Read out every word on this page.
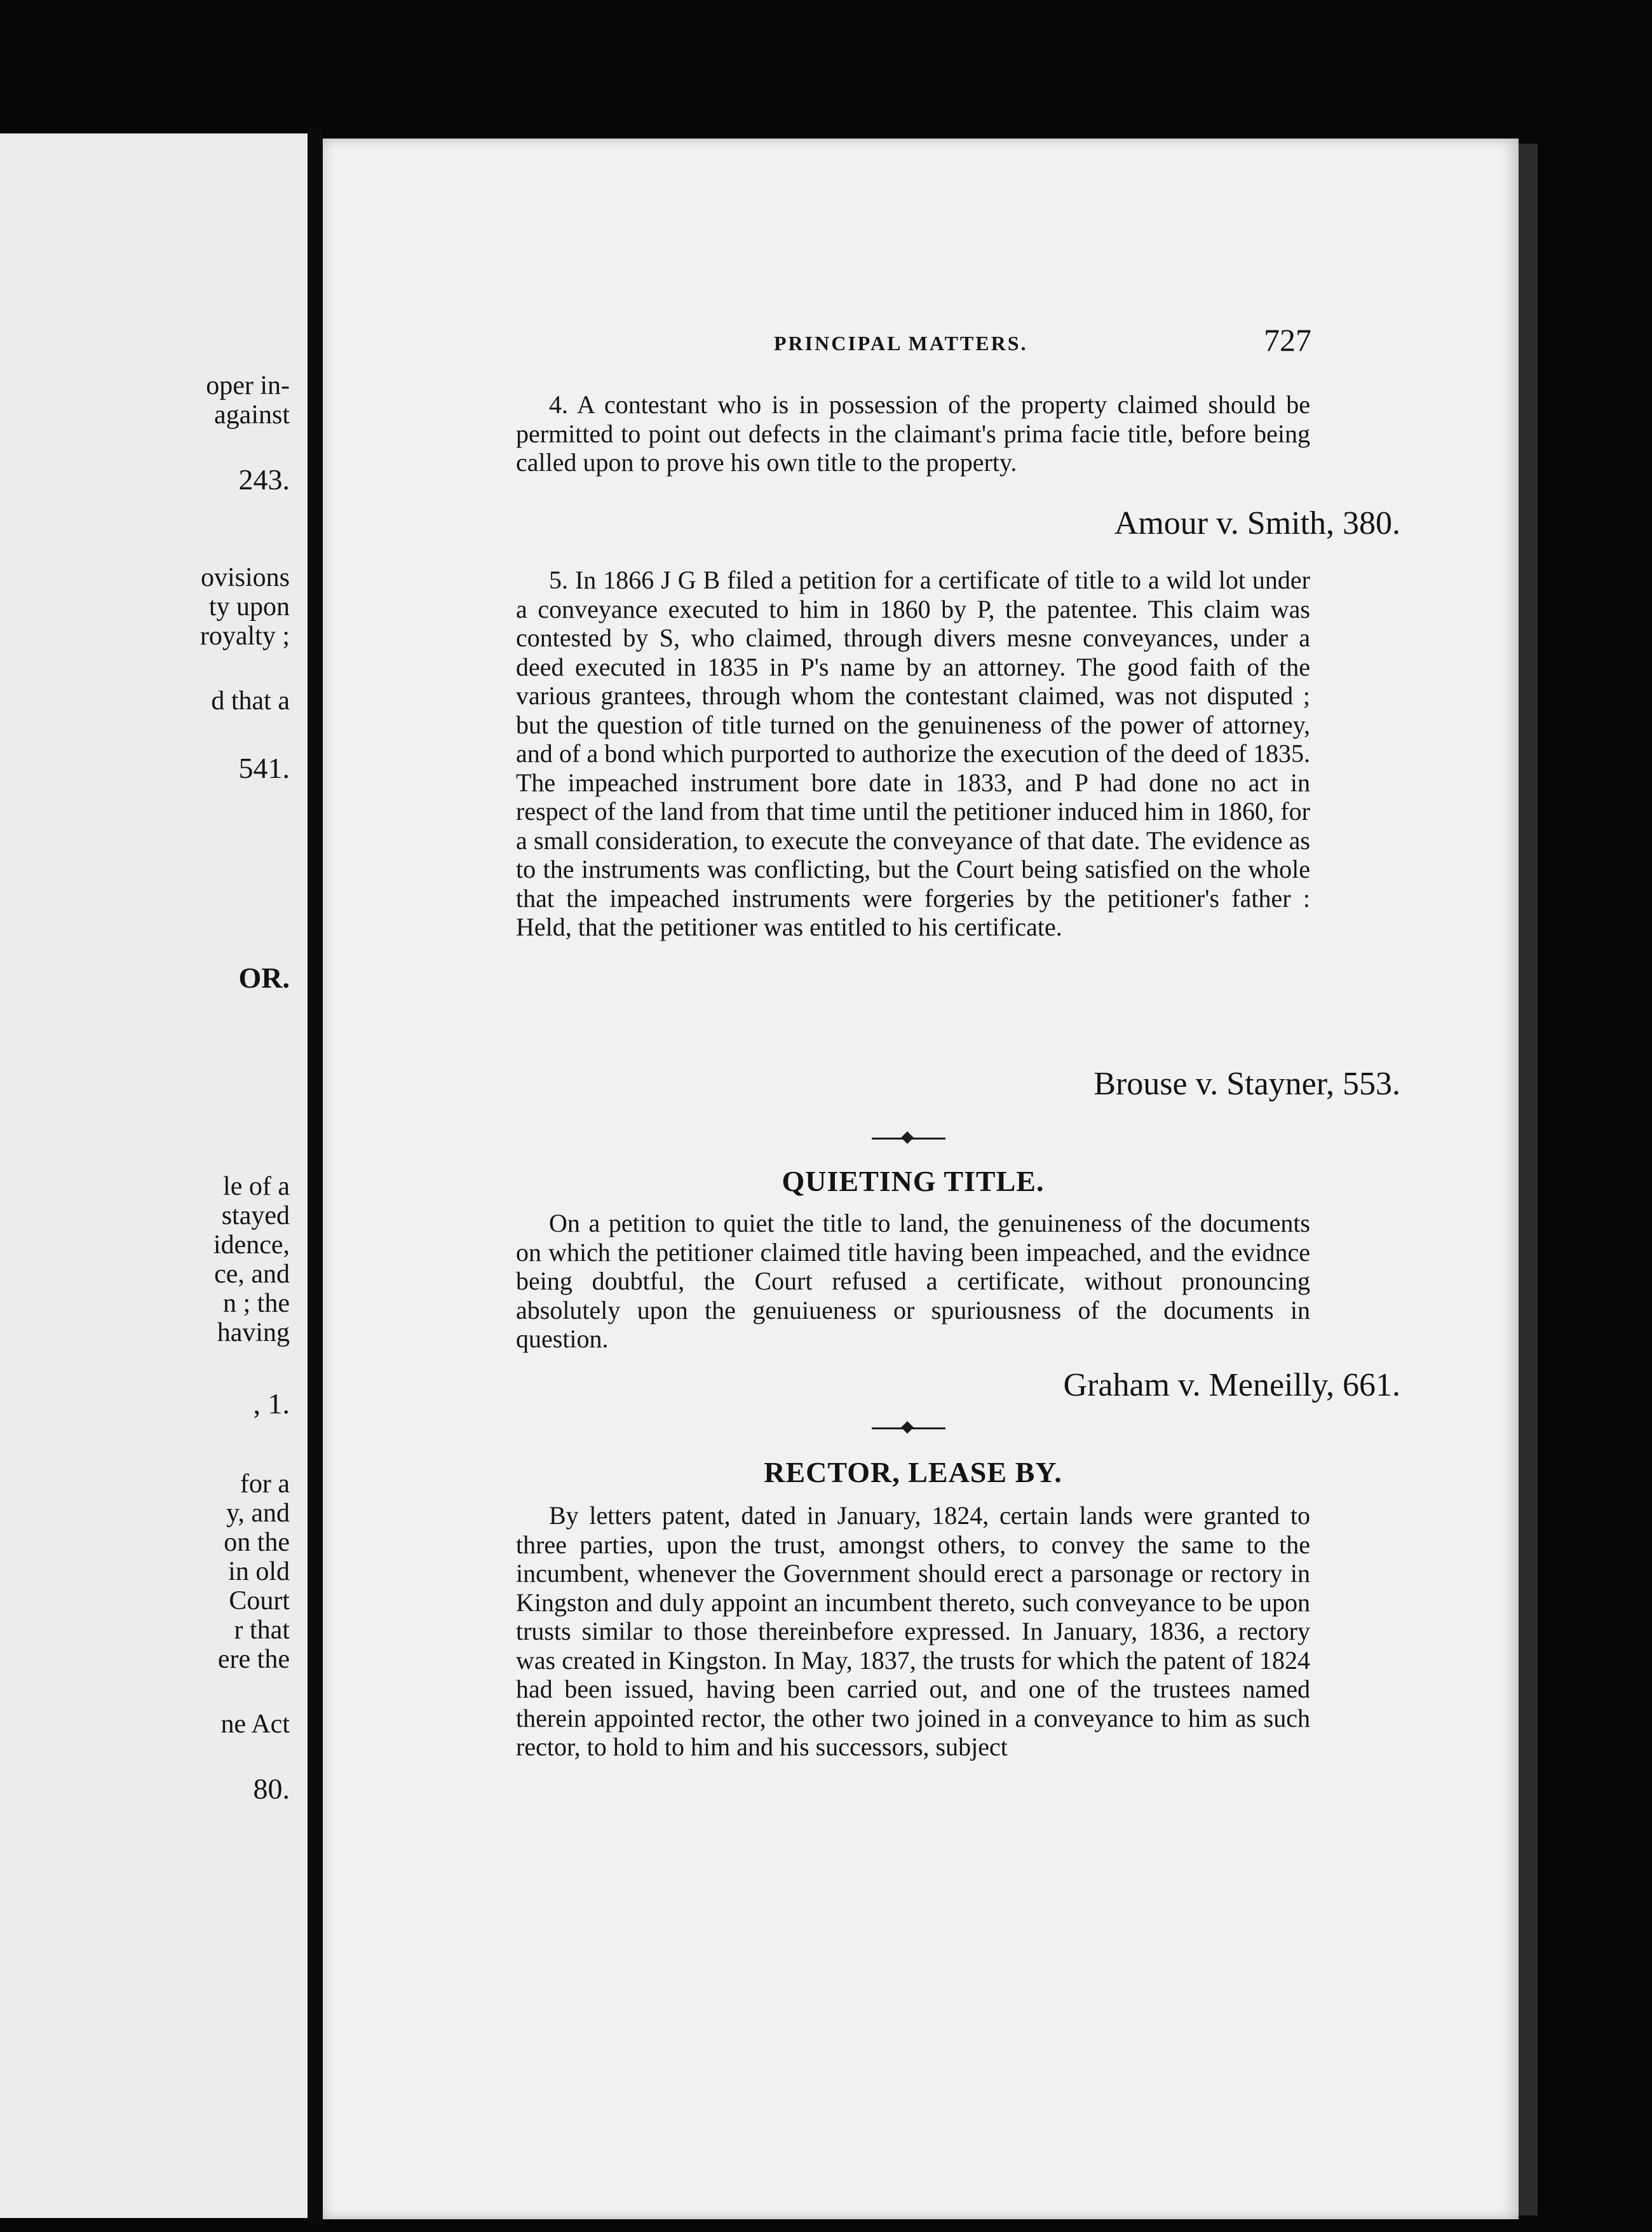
oper in-

against

243.

ovisions

ty upon

royalty ;

d that a

541.

OR.

le of a

stayed

idence,

ce, and

n ; the

having

, 1.

for a

y, and

on the

in old

Court

r that

ere the

ne Act

80.

PRINCIPAL MATTERS.	727

4. A contestant who is in possession of the property claimed should be permitted to point out defects in the claimant's prima facie title, before being called upon to prove his own title to the property.

Amour v. Smith, 380.

5. In 1866 J G B filed a petition for a certificate of title to a wild lot under a conveyance executed to him in 1860 by P, the patentee. This claim was contested by S, who claimed, through divers mesne conveyances, under a deed executed in 1835 in P's name by an attorney. The good faith of the various grantees, through whom the contestant claimed, was not disputed ; but the question of title turned on the genuineness of the power of attorney, and of a bond which purported to authorize the execution of the deed of 1835. The impeached instrument bore date in 1833, and P had done no act in respect of the land from that time until the petitioner induced him in 1860, for a small consideration, to execute the conveyance of that date. The evidence as to the instruments was conflicting, but the Court being satisfied on the whole that the impeached instruments were forgeries by the petitioner's father : Held, that the petitioner was entitled to his certificate.

Brouse v. Stayner, 553.

QUIETING TITLE.

On a petition to quiet the title to land, the genuineness of the documents on which the petitioner claimed title having been impeached, and the evidnce being doubtful, the Court refused a certificate, without pronouncing absolutely upon the genuiueness or spuriousness of the documents in question.

Graham v. Meneilly, 661.

RECTOR, LEASE BY.

By letters patent, dated in January, 1824, certain lands were granted to three parties, upon the trust, amongst others, to convey the same to the incumbent, whenever the Government should erect a parsonage or rectory in Kingston and duly appoint an incumbent thereto, such conveyance to be upon trusts similar to those thereinbefore expressed. In January, 1836, a rectory was created in Kingston. In May, 1837, the trusts for which the patent of 1824 had been issued, having been carried out, and one of the trustees named therein appointed rector, the other two joined in a conveyance to him as such rector, to hold to him and his successors, subject
